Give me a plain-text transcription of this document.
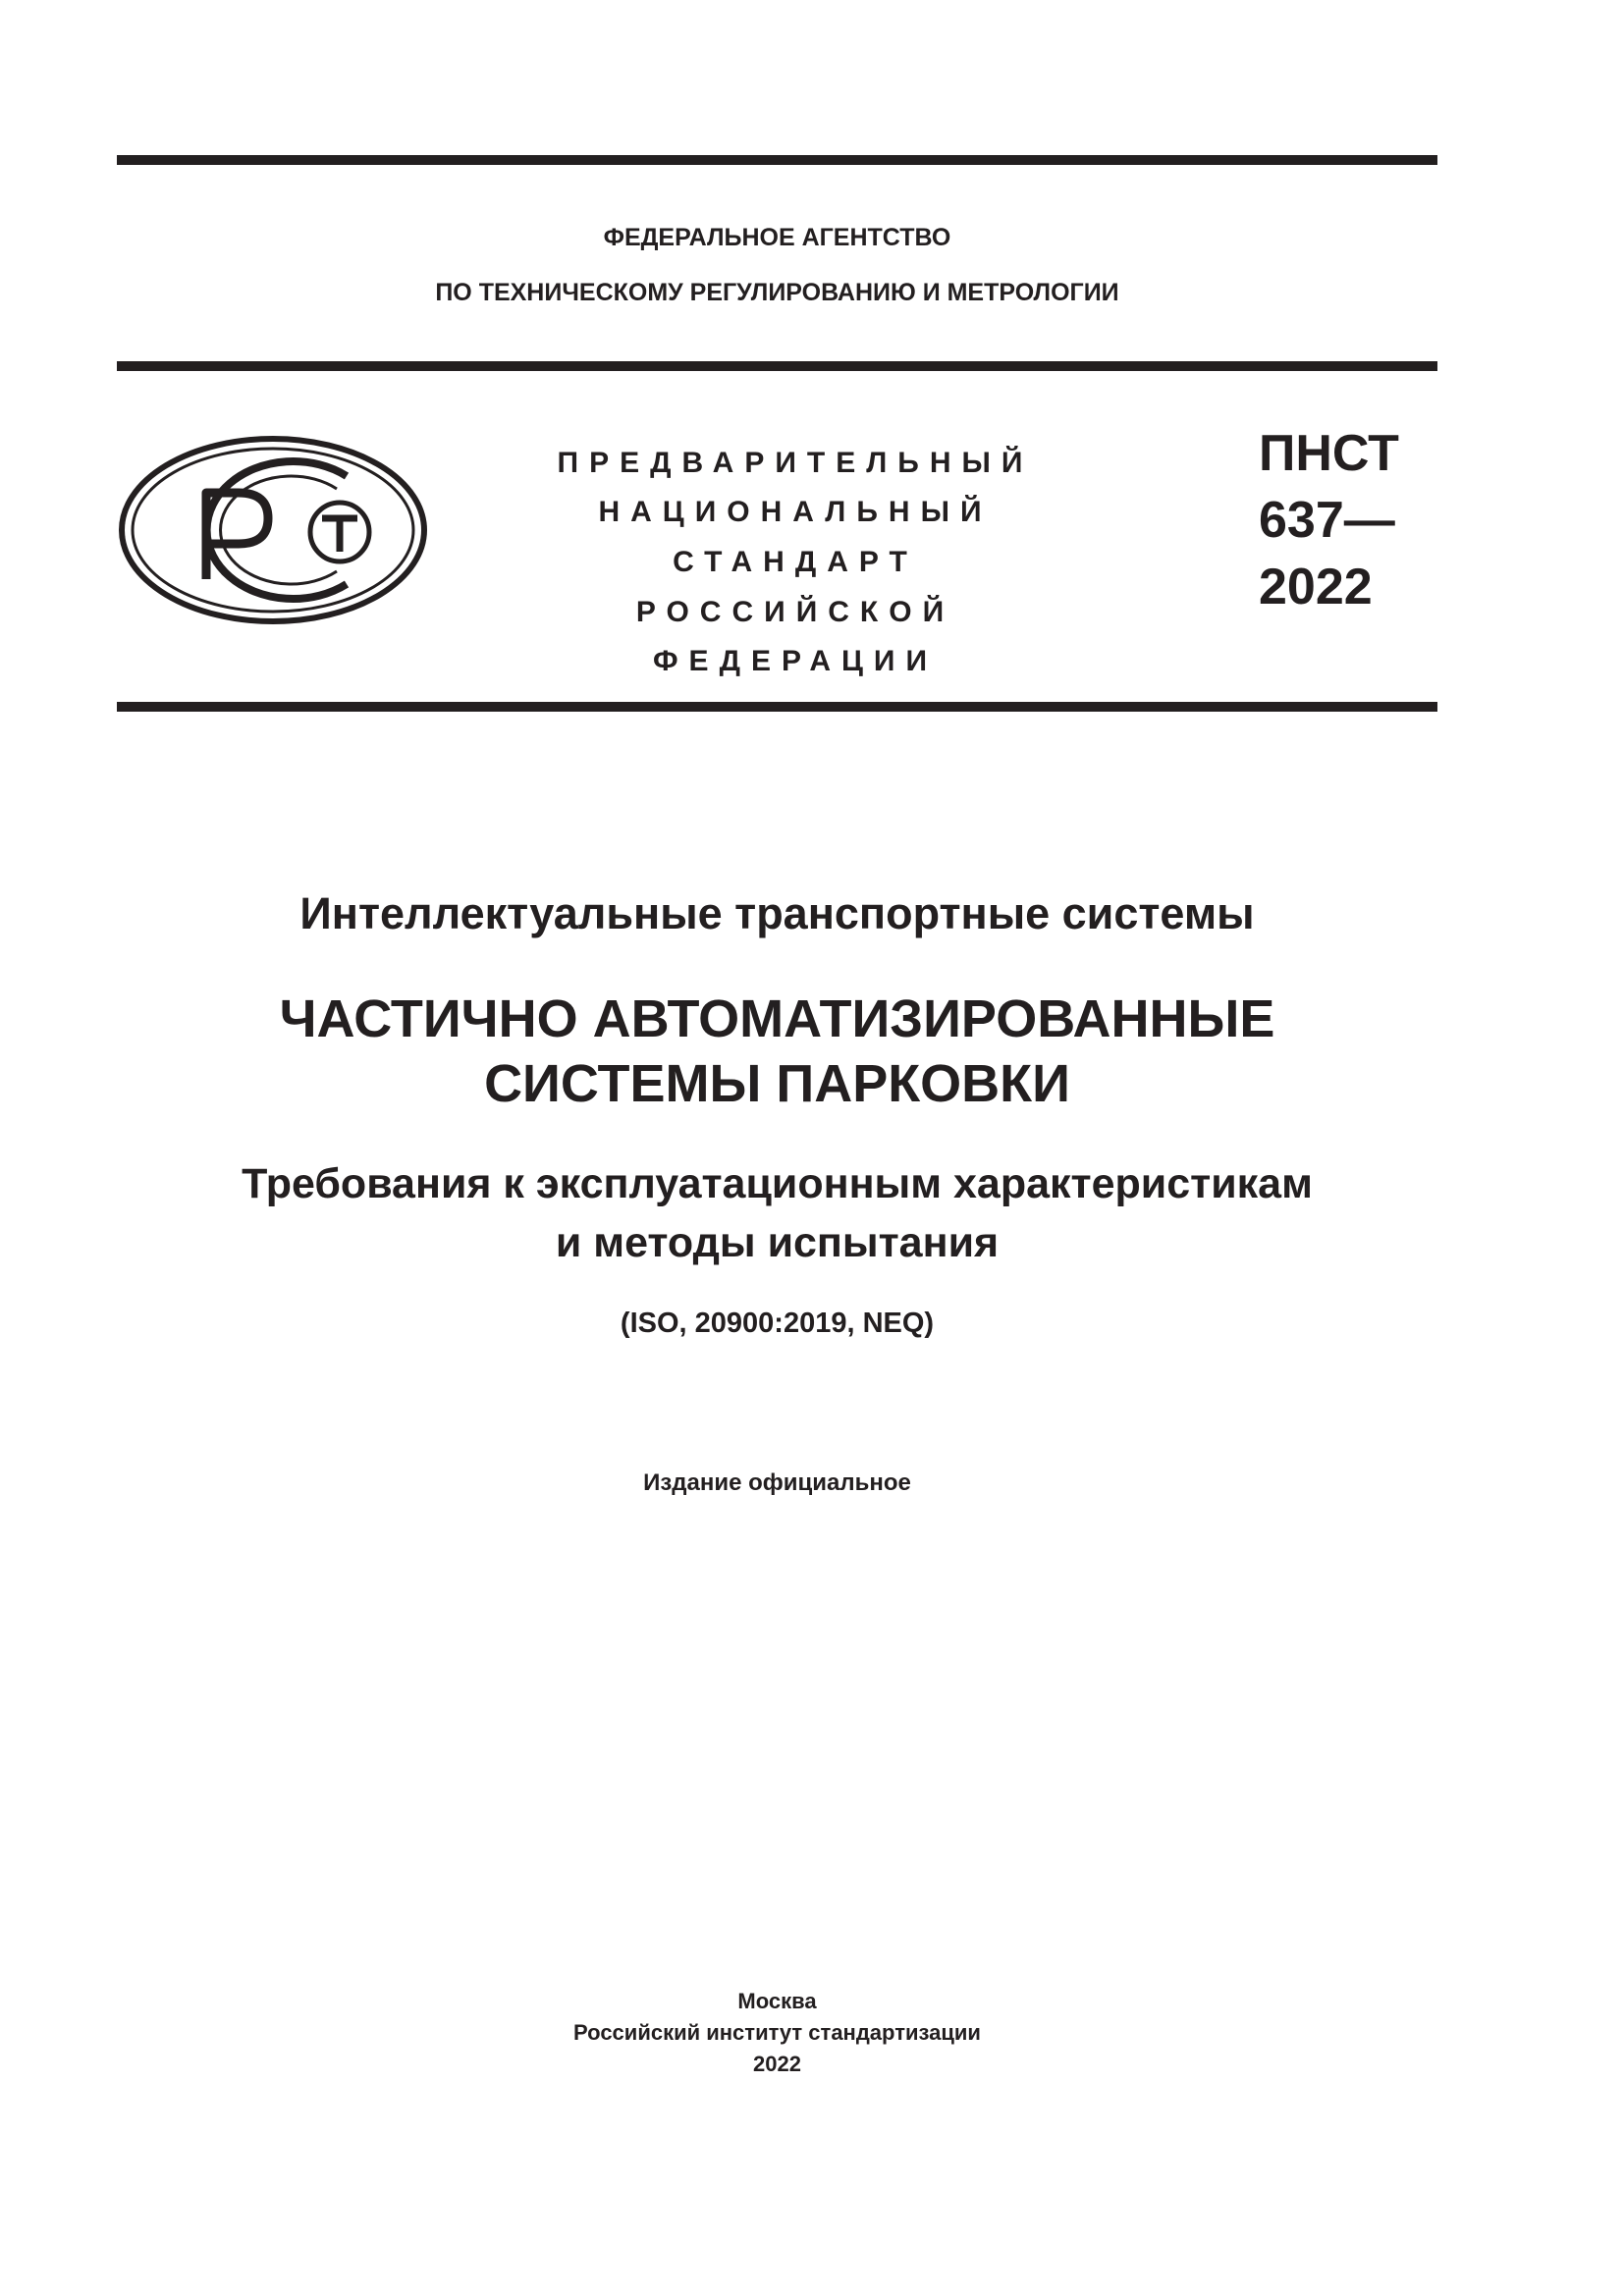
ФЕДЕРАЛЬНОЕ АГЕНТСТВО
ПО ТЕХНИЧЕСКОМУ РЕГУЛИРОВАНИЮ И МЕТРОЛОГИИ
ПРЕДВАРИТЕЛЬНЫЙ
НАЦИОНАЛЬНЫЙ
СТАНДАРТ
РОССИЙСКОЙ
ФЕДЕРАЦИИ
ПНСТ
637—
2022
Интеллектуальные транспортные системы
ЧАСТИЧНО АВТОМАТИЗИРОВАННЫЕ
СИСТЕМЫ ПАРКОВКИ
Требования к эксплуатационным характеристикам
и методы испытания
(ISO, 20900:2019, NEQ)
Издание официальное
Москва
Российский институт стандартизации
2022
